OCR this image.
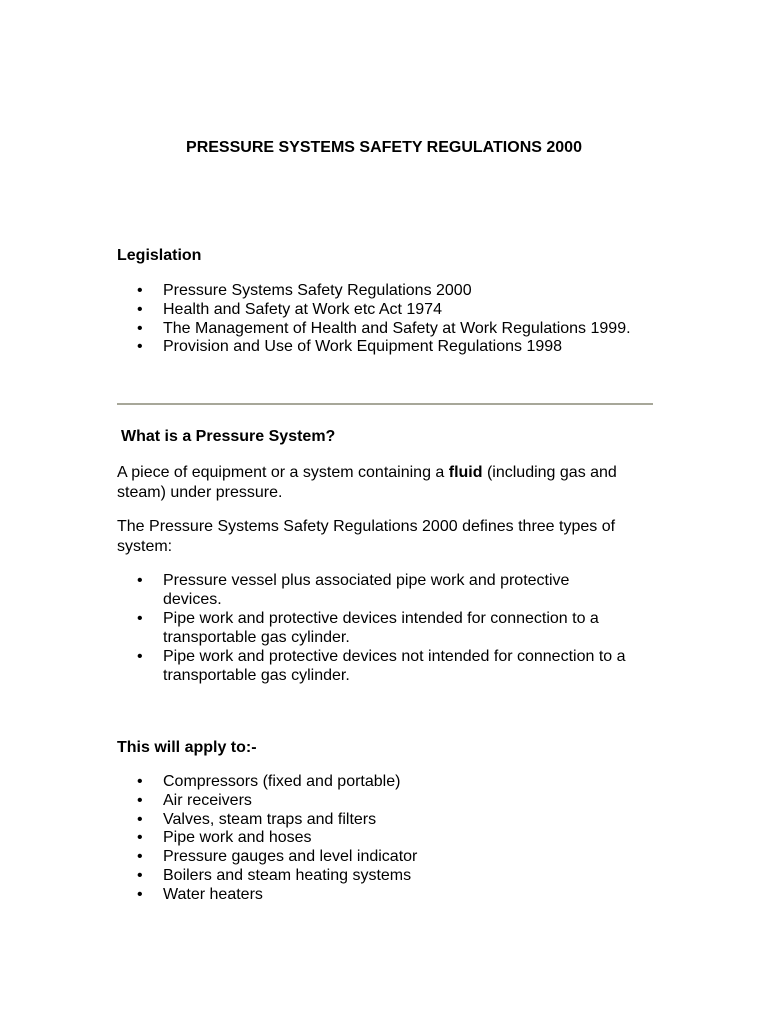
PRESSURE SYSTEMS SAFETY REGULATIONS 2000
Legislation
• Pressure Systems Safety Regulations 2000
• Health and Safety at Work etc Act 1974
• The Management of Health and Safety at Work Regulations 1999.
• Provision and Use of Work Equipment Regulations 1998
What is a Pressure System?

A piece of equipment or a system containing a fluid (including gas and steam) under pressure.

The Pressure Systems Safety Regulations 2000 defines three types of system:

• Pressure vessel plus associated pipe work and protective devices.
• Pipe work and protective devices intended for connection to a transportable gas cylinder.
• Pipe work and protective devices not intended for connection to a transportable gas cylinder.
This will apply to:-
• Compressors (fixed and portable)
• Air receivers
• Valves, steam traps and filters
• Pipe work and hoses
• Pressure gauges and level indicator
• Boilers and steam heating systems
• Water heaters
